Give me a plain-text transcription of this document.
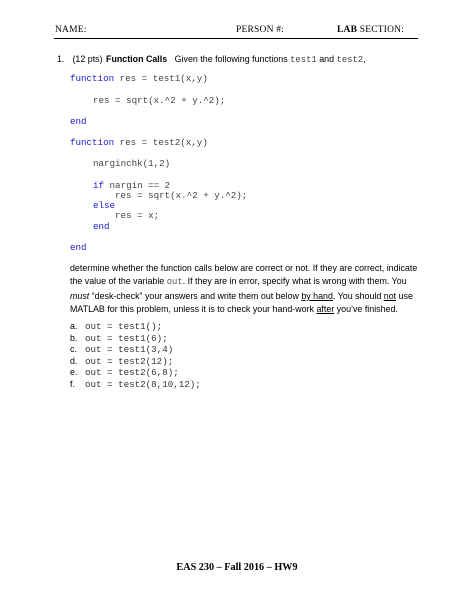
NAME:	PERSON #:	LAB SECTION:
1. (12 pts) Function Calls Given the following functions test1 and test2,
function res = test1(x,y)
res = sqrt(x.^2 + y.^2);
end
function res = test2(x,y)
narginchk(1,2)
if nargin == 2
res = sqrt(x.^2 + y.^2);
else
res = x;
end
end
determine whether the function calls below are correct or not. If they are correct, indicate the value of the variable out. If they are in error, specify what is wrong with them. You must “desk-check” your answers and write them out below by hand. You should not use MATLAB for this problem, unless it is to check your hand-work after you’ve finished.
a. out = test1();
b. out = test1(6);
c. out = test1(3,4)
d. out = test2(12);
e. out = test2(6,8);
f. out = test2(8,10,12);
EAS 230 – Fall 2016 – HW9
